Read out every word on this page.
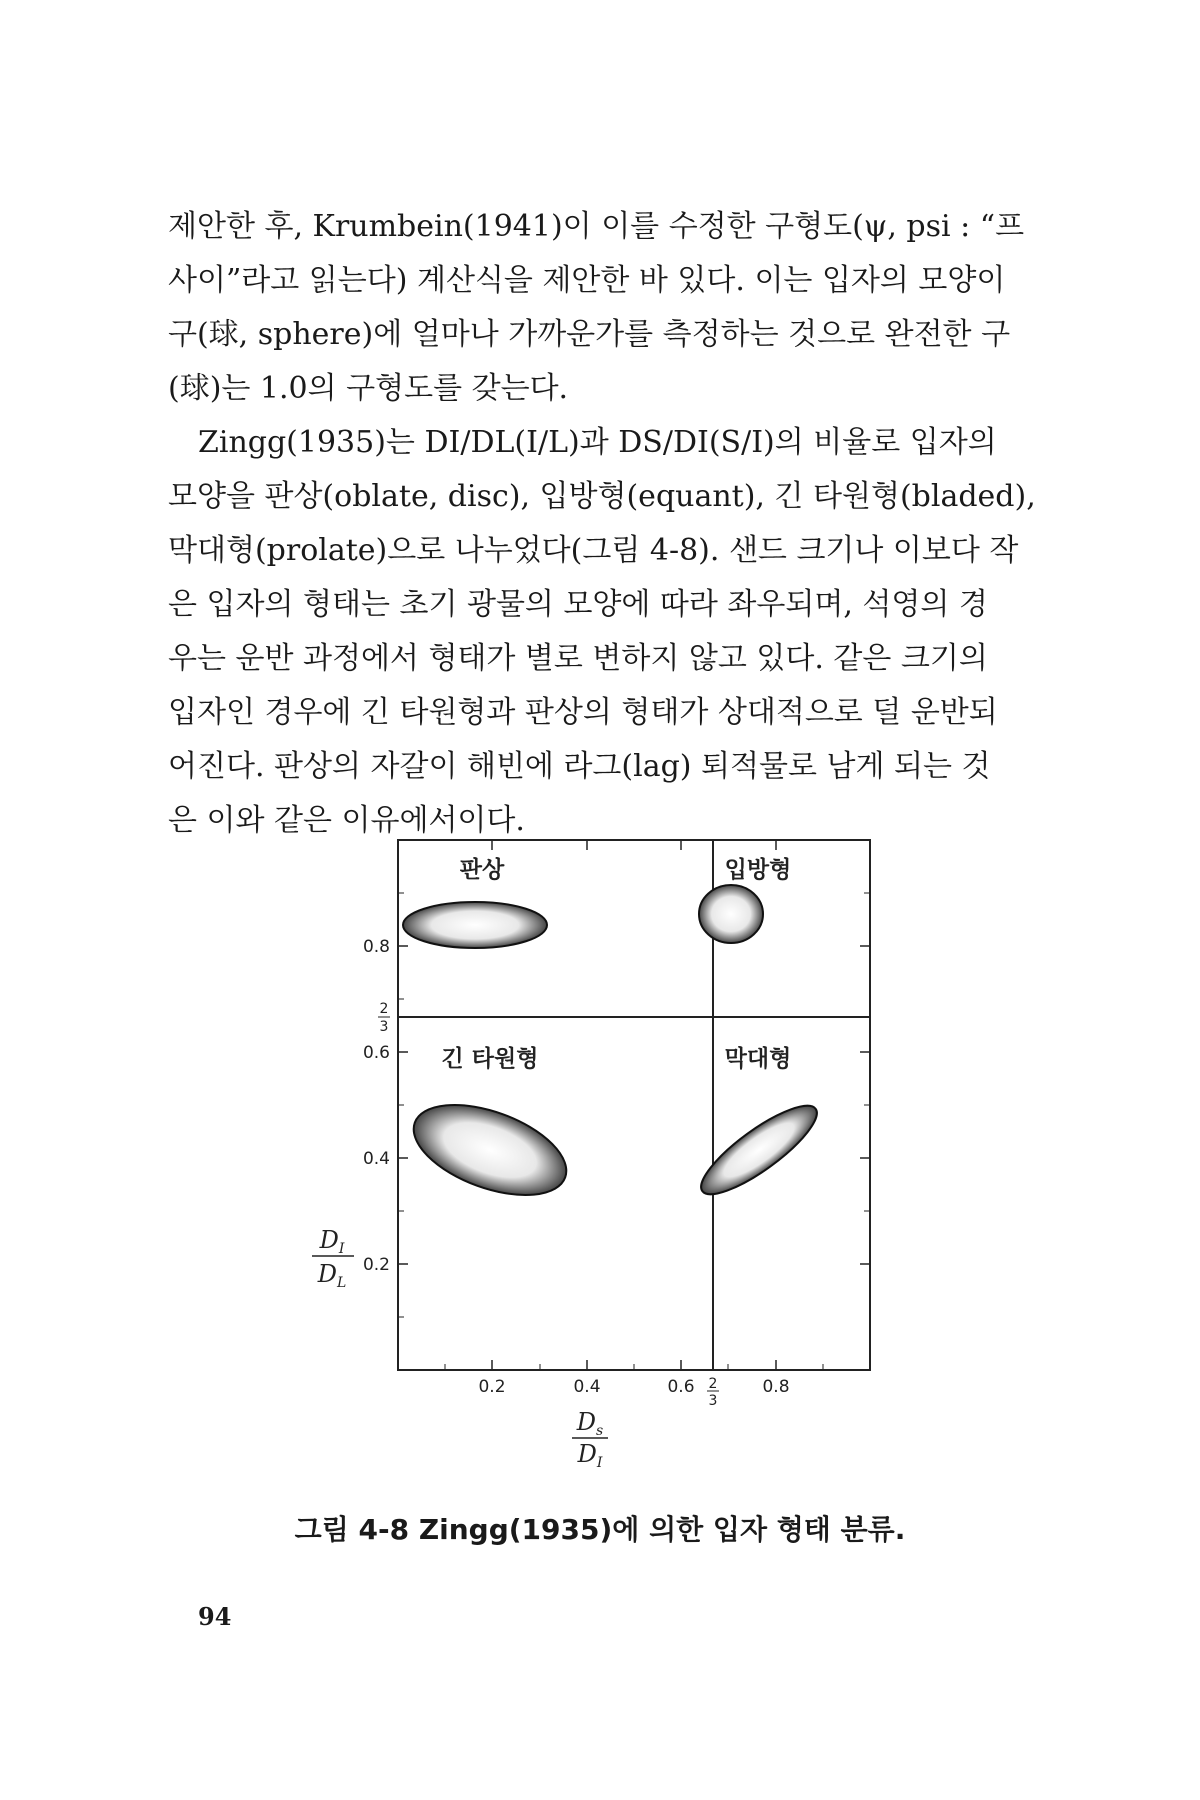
제안한 후, Krumbein(1941)이 이를 수정한 구형도(ψ, psi : “프
사이”라고 읽는다) 계산식을 제안한 바 있다. 이는 입자의 모양이
구(球, sphere)에 얼마나 가까운가를 측정하는 것으로 완전한 구
(球)는 1.0의 구형도를 갖는다.

Zingg(1935)는 DI/DL(I/L)과 DS/DI(S/I)의 비율로 입자의
모양을 판상(oblate, disc), 입방형(equant), 긴 타원형(bladed),
막대형(prolate)으로 나누었다(그림 4-8). 샌드 크기나 이보다 작
은 입자의 형태는 초기 광물의 모양에 따라 좌우되며, 석영의 경
우는 운반 과정에서 형태가 별로 변하지 않고 있다. 같은 크기의
입자인 경우에 긴 타원형과 판상의 형태가 상대적으로 덜 운반되
어진다. 판상의 자갈이 해빈에 라그(lag) 퇴적물로 남게 되는 것
은 이와 같은 이유에서이다.

0.2
0.4
0.6
0.8
2
3
0.2	0.4	0.6	0.8
2
3
판상	입방형
긴 타원형	막대형
$D_I$
$D_L$
$D_s$
$D_I$
그림 4-8 Zingg(1935)에 의한 입자 형태 분류.
94
